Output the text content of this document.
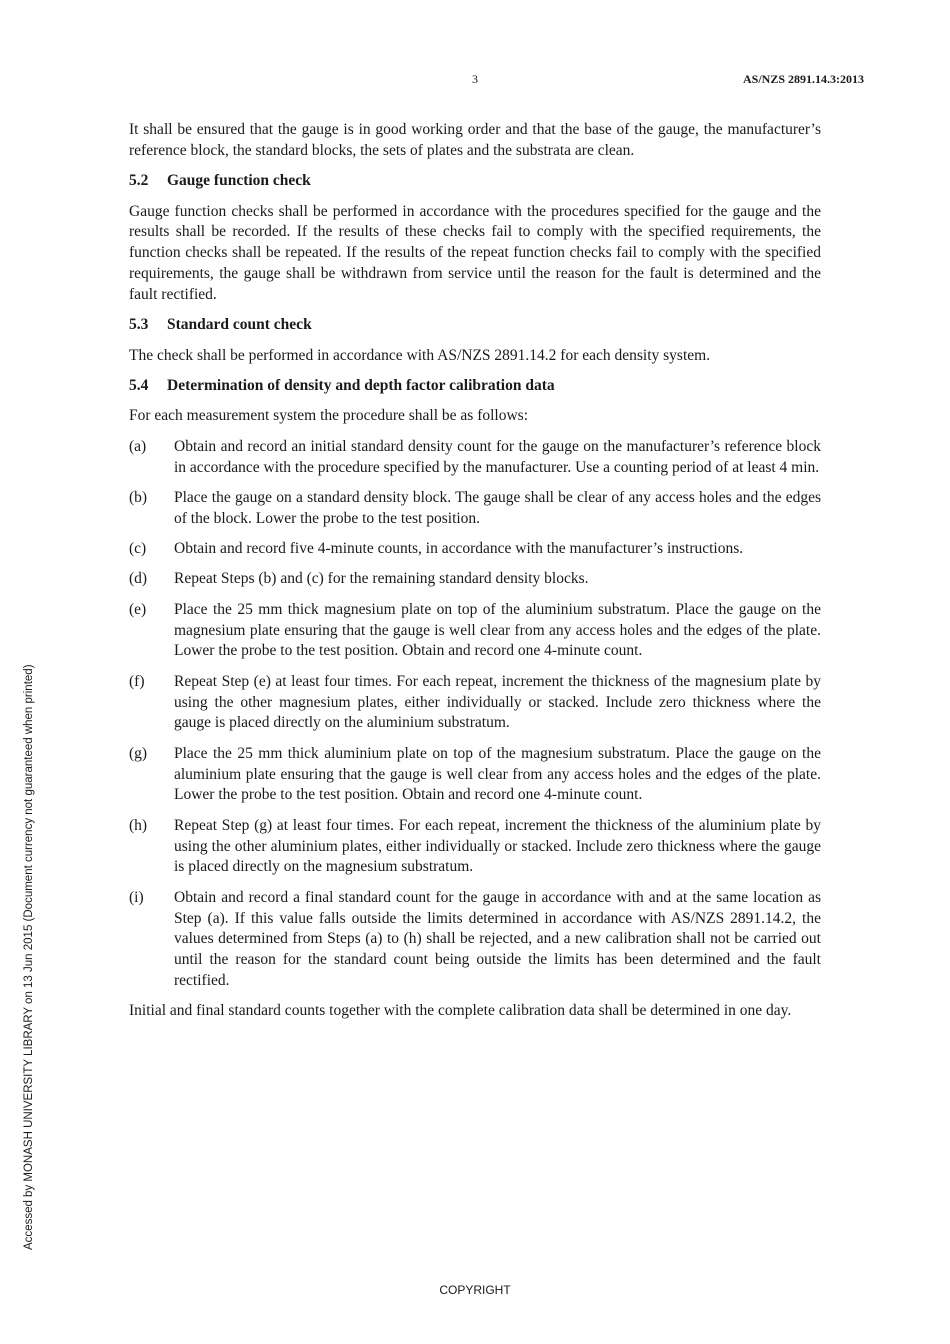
3	AS/NZS 2891.14.3:2013

It shall be ensured that the gauge is in good working order and that the base of the gauge, the manufacturer’s reference block, the standard blocks, the sets of plates and the substrata are clean.

5.2 Gauge function check

Gauge function checks shall be performed in accordance with the procedures specified for the gauge and the results shall be recorded. If the results of these checks fail to comply with the specified requirements, the function checks shall be repeated. If the results of the repeat function checks fail to comply with the specified requirements, the gauge shall be withdrawn from service until the reason for the fault is determined and the fault rectified.

5.3 Standard count check

The check shall be performed in accordance with AS/NZS 2891.14.2 for each density system.

5.4 Determination of density and depth factor calibration data

For each measurement system the procedure shall be as follows:

(a)	Obtain and record an initial standard density count for the gauge on the manufacturer’s reference block in accordance with the procedure specified by the manufacturer. Use a counting period of at least 4 min.
(b)	Place the gauge on a standard density block. The gauge shall be clear of any access holes and the edges of the block. Lower the probe to the test position.
(c)	Obtain and record five 4-minute counts, in accordance with the manufacturer’s instructions.
(d)	Repeat Steps (b) and (c) for the remaining standard density blocks.
(e)	Place the 25 mm thick magnesium plate on top of the aluminium substratum. Place the gauge on the magnesium plate ensuring that the gauge is well clear from any access holes and the edges of the plate. Lower the probe to the test position. Obtain and record one 4-minute count.
(f)	Repeat Step (e) at least four times. For each repeat, increment the thickness of the magnesium plate by using the other magnesium plates, either individually or stacked. Include zero thickness where the gauge is placed directly on the aluminium substratum.
(g)	Place the 25 mm thick aluminium plate on top of the magnesium substratum. Place the gauge on the aluminium plate ensuring that the gauge is well clear from any access holes and the edges of the plate. Lower the probe to the test position. Obtain and record one 4-minute count.
(h)	Repeat Step (g) at least four times. For each repeat, increment the thickness of the aluminium plate by using the other aluminium plates, either individually or stacked. Include zero thickness where the gauge is placed directly on the magnesium substratum.
(i)	Obtain and record a final standard count for the gauge in accordance with and at the same location as Step (a). If this value falls outside the limits determined in accordance with AS/NZS 2891.14.2, the values determined from Steps (a) to (h) shall be rejected, and a new calibration shall not be carried out until the reason for the standard count being outside the limits has been determined and the fault rectified.

Initial and final standard counts together with the complete calibration data shall be determined in one day.

Accessed by MONASH UNIVERSITY LIBRARY on 13 Jun 2015 (Document currency not guaranteed when printed)
COPYRIGHT
